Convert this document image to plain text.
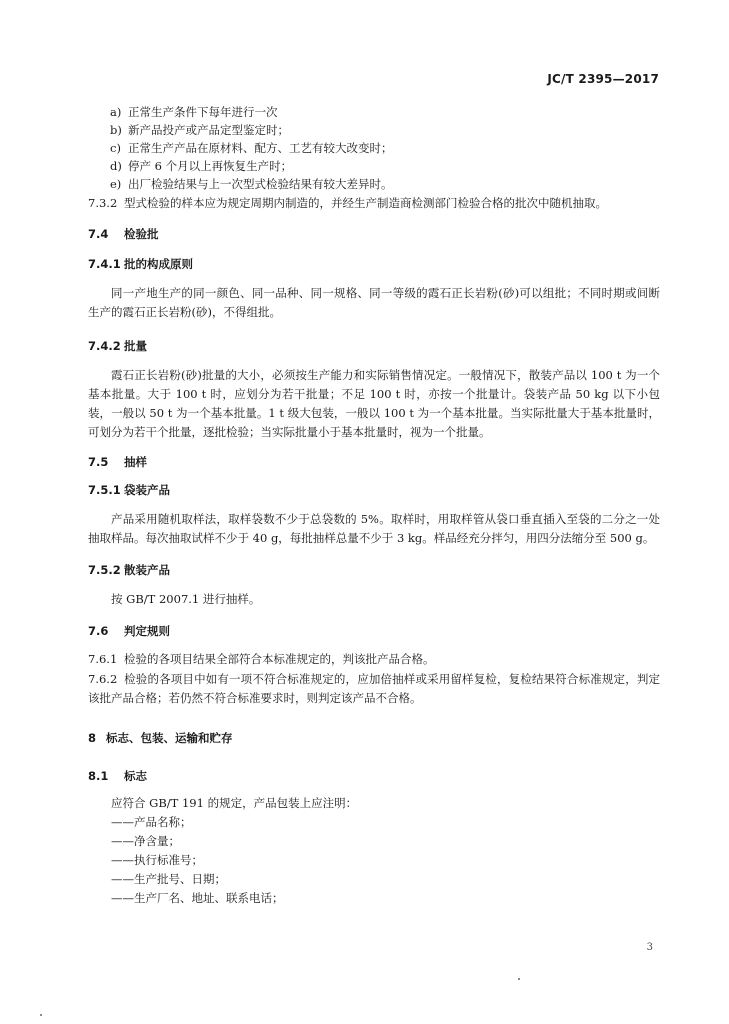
JC/T 2395—2017
a) 正常生产条件下每年进行一次
b) 新产品投产或产品定型鉴定时；
c) 正常生产产品在原材料、配方、工艺有较大改变时；
d) 停产 6 个月以上再恢复生产时；
e) 出厂检验结果与上一次型式检验结果有较大差异时。
7.3.2 型式检验的样本应为规定周期内制造的，并经生产制造商检测部门检验合格的批次中随机抽取。
7.4 检验批
7.4.1 批的构成原则

同一产地生产的同一颜色、同一品种、同一规格、同一等级的霞石正长岩粉(砂)可以组批；不同时期或间断生产的霞石正长岩粉(砂)，不得组批。

7.4.2 批量

霞石正长岩粉(砂)批量的大小，必须按生产能力和实际销售情况定。一般情况下，散装产品以 100 t 为一个基本批量。大于 100 t 时，应划分为若干批量；不足 100 t 时，亦按一个批量计。袋装产品 50 kg 以下小包装，一般以 50 t 为一个基本批量。1 t 级大包装，一般以 100 t 为一个基本批量。当实际批量大于基本批量时，可划分为若干个批量，逐批检验；当实际批量小于基本批量时，视为一个批量。

7.5 抽样
7.5.1 袋装产品

产品采用随机取样法，取样袋数不少于总袋数的 5%。取样时，用取样管从袋口垂直插入至袋的二分之一处抽取样品。每次抽取试样不少于 40 g，每批抽样总量不少于 3 kg。样品经充分拌匀，用四分法缩分至 500 g。

7.5.2 散装产品

按 GB/T 2007.1 进行抽样。

7.6 判定规则
7.6.1 检验的各项目结果全部符合本标准规定的，判该批产品合格。

7.6.2 检验的各项目中如有一项不符合标准规定的，应加倍抽样或采用留样复检，复检结果符合标准规定，判定该批产品合格；若仍然不符合标准要求时，则判定该产品不合格。

8 标志、包装、运输和贮存
8.1 标志
应符合 GB/T 191 的规定，产品包装上应注明：
——产品名称；
——净含量；
——执行标准号；
——生产批号、日期；
——生产厂名、地址、联系电话；
3
